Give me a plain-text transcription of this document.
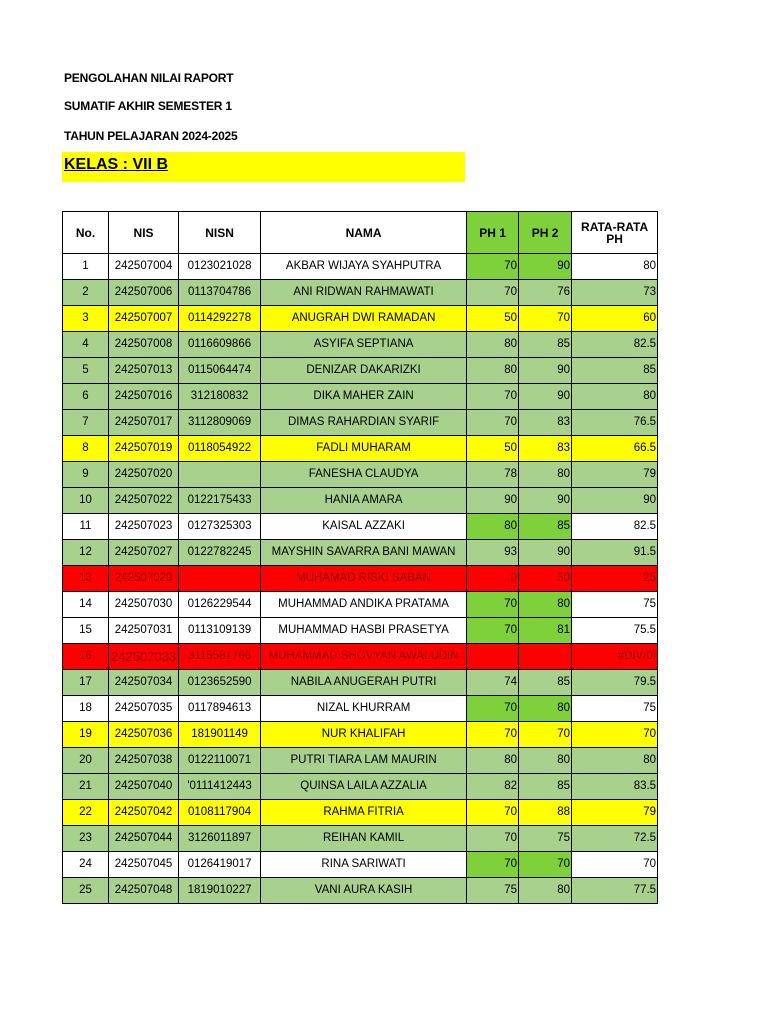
PENGOLAHAN NILAI RAPORT
SUMATIF AKHIR SEMESTER 1
TAHUN PELAJARAN 2024-2025
KELAS : VII B
No.	NIS	NISN	NAMA	PH 1	PH 2	RATA-RATA PH
1	242507004	0123021028	AKBAR WIJAYA SYAHPUTRA	70	90	80
2	242507006	0113704786	ANI RIDWAN RAHMAWATI	70	76	73
3	242507007	0114292278	ANUGRAH DWI RAMADAN	50	70	60
4	242507008	0116609866	ASYIFA SEPTIANA	80	85	82.5
5	242507013	0115064474	DENIZAR DAKARIZKI	80	90	85
6	242507016	312180832	DIKA MAHER ZAIN	70	90	80
7	242507017	3112809069	DIMAS RAHARDIAN SYARIF	70	83	76.5
8	242507019	0118054922	FADLI MUHARAM	50	83	66.5
9	242507020		FANESHA CLAUDYA	78	80	79
10	242507022	0122175433	HANIA AMARA	90	90	90
11	242507023	0127325303	KAISAL AZZAKI	80	85	82.5
12	242507027	0122782245	MAYSHIN SAVARRA BANI MAWAN	93	90	91.5
13	242507029		MUHAMAD RISKI SABAN	0	50	25
14	242507030	0126229544	MUHAMMAD ANDIKA PRATAMA	70	80	75
15	242507031	0113109139	MUHAMMAD HASBI PRASETYA	70	81	75.5
16	242507033	3115581766	MUHAMMAD SHOVYAN AWALUDIN			#DIV/0!
17	242507034	0123652590	NABILA ANUGERAH PUTRI	74	85	79.5
18	242507035	0117894613	NIZAL KHURRAM	70	80	75
19	242507036	181901149	NUR KHALIFAH	70	70	70
20	242507038	0122110071	PUTRI TIARA LAM MAURIN	80	80	80
21	242507040	'0111412443	QUINSA LAILA AZZALIA	82	85	83.5
22	242507042	0108117904	RAHMA FITRIA	70	88	79
23	242507044	3126011897	REIHAN KAMIL	70	75	72.5
24	242507045	0126419017	RINA SARIWATI	70	70	70
25	242507048	1819010227	VANI AURA KASIH	75	80	77.5
